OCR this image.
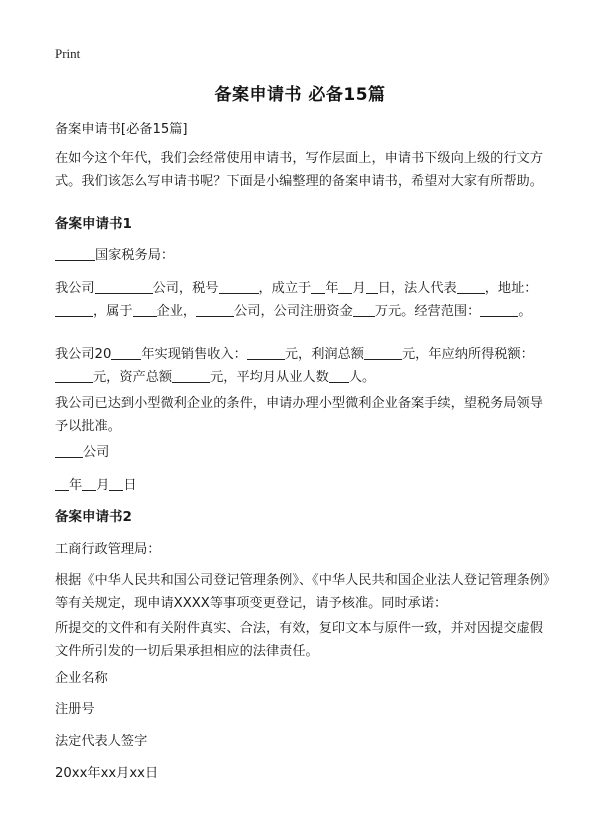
Print
备案申请书 必备15篇
备案申请书[必备15篇]
在如今这个年代，我们会经常使用申请书，写作层面上，申请书下级向上级的行文方式。我们该怎么写申请书呢？下面是小编整理的备案申请书，希望对大家有所帮助。
备案申请书1
国家税务局：
我公司	公司，税号	，成立于 年 月 日，法人代表 ，地址：，属于 企业，	公司，公司注册资金 万元。经营范围：	。
我公司20 年实现销售收入：	元，利润总额	元，年应纳所得税额：元，资产总额	元，平均月从业人数 人。
我公司已达到小型微利企业的条件，申请办理小型微利企业备案手续，望税务局领导予以批准。
公司
年 月 日
备案申请书2
工商行政管理局：
根据《中华人民共和国公司登记管理条例》、《中华人民共和国企业法人登记管理条例》等有关规定，现申请XXXX等事项变更登记，请予核准。同时承诺：
所提交的文件和有关附件真实、合法，有效，复印文本与原件一致，并对因提交虚假文件所引发的一切后果承担相应的法律责任。
企业名称
注册号
法定代表人签字
20xx年xx月xx日
